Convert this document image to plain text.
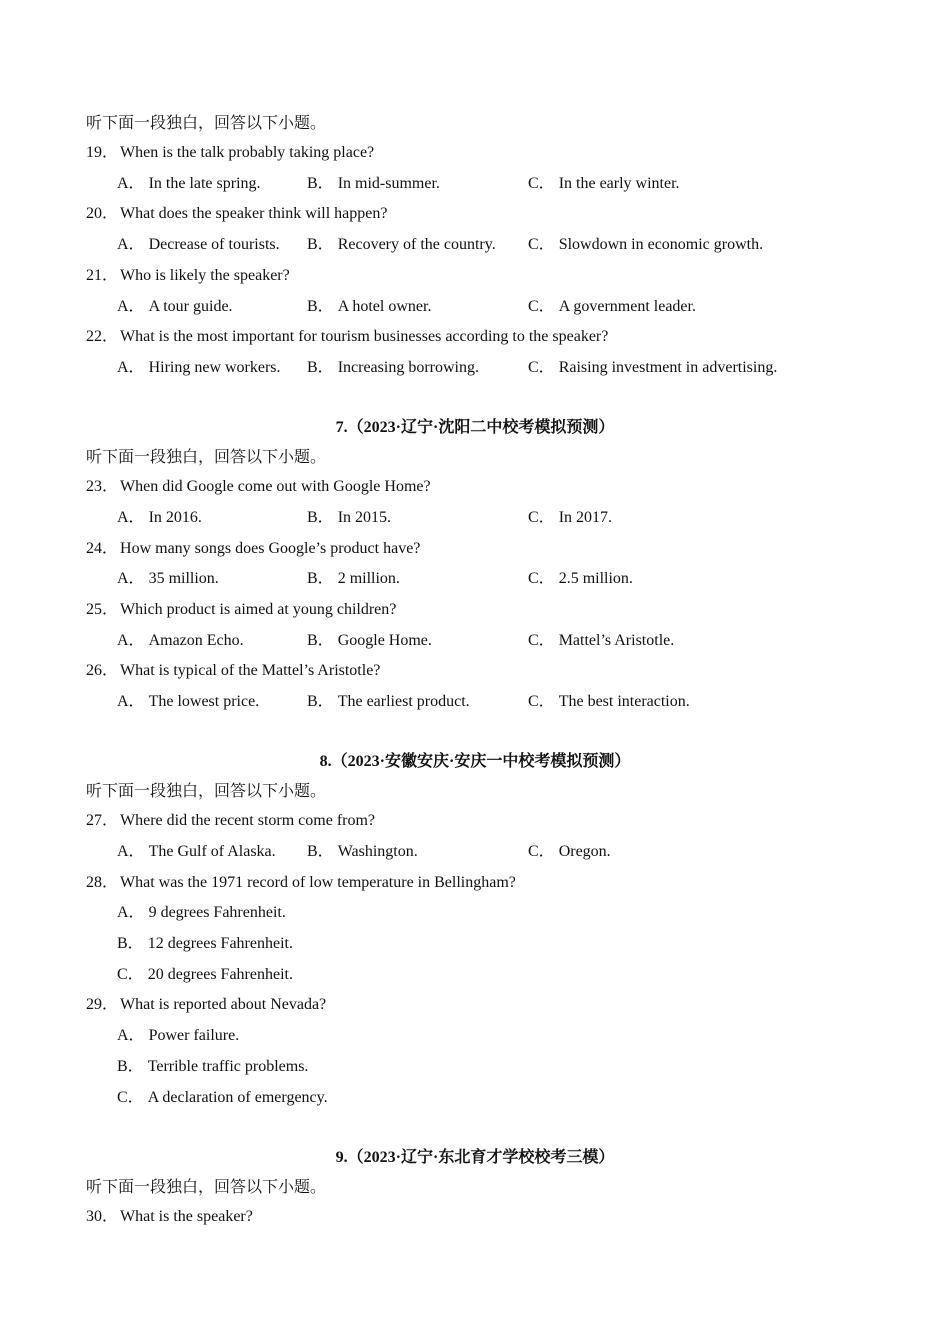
听下面一段独白，回答以下小题。
19． When is the talk probably taking place?
A． In the late spring.	B． In mid-summer.	C． In the early winter.
20． What does the speaker think will happen?
A． Decrease of tourists. B． Recovery of the country. C． Slowdown in economic growth.
21． Who is likely the speaker?
A． A tour guide.	B． A hotel owner.	C． A government leader.
22． What is the most important for tourism businesses according to the speaker?
A． Hiring new workers. B． Increasing borrowing.	C． Raising investment in advertising.
7.（2023·辽宁·沈阳二中校考模拟预测）
听下面一段独白，回答以下小题。
23． When did Google come out with Google Home?
A． In 2016.	B． In 2015.	C． In 2017.
24． How many songs does Google’s product have?
A． 35 million.	B． 2 million.	C． 2.5 million.
25． Which product is aimed at young children?
A． Amazon Echo.	B． Google Home.	C． Mattel’s Aristotle.
26． What is typical of the Mattel’s Aristotle?
A． The lowest price.	B． The earliest product.	C． The best interaction.
8.（2023·安徽安庆·安庆一中校考模拟预测）
听下面一段独白，回答以下小题。
27． Where did the recent storm come from?
A． The Gulf of Alaska. B． Washington.	C． Oregon.
28． What was the 1971 record of low temperature in Bellingham?
A． 9 degrees Fahrenheit.
B． 12 degrees Fahrenheit.
C． 20 degrees Fahrenheit.
29． What is reported about Nevada?
A． Power failure.
B． Terrible traffic problems.
C． A declaration of emergency.
9.（2023·辽宁·东北育才学校校考三模）
听下面一段独白，回答以下小题。
30． What is the speaker?
